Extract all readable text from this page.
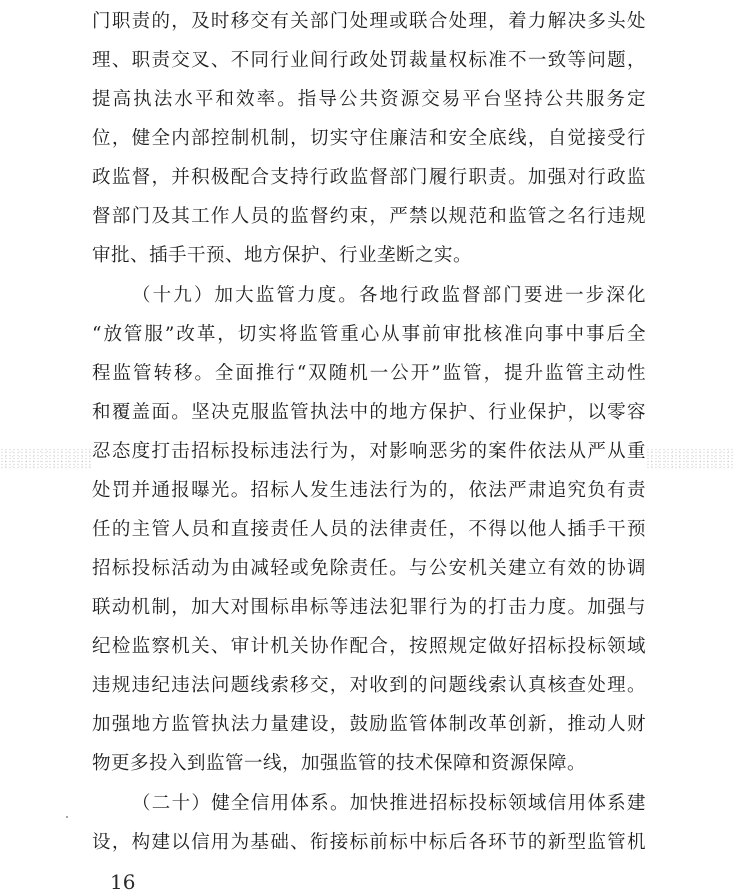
门职责的，及时移交有关部门处理或联合处理，着力解决多头处
理、职责交叉、不同行业间行政处罚裁量权标准不一致等问题，
提高执法水平和效率。指导公共资源交易平台坚持公共服务定
位，健全内部控制机制，切实守住廉洁和安全底线，自觉接受行
政监督，并积极配合支持行政监督部门履行职责。加强对行政监
督部门及其工作人员的监督约束，严禁以规范和监管之名行违规
审批、插手干预、地方保护、行业垄断之实。
（十九）加大监管力度。各地行政监督部门要进一步深化
“放管服”改革，切实将监管重心从事前审批核准向事中事后全
程监管转移。全面推行“双随机一公开”监管，提升监管主动性
和覆盖面。坚决克服监管执法中的地方保护、行业保护，以零容
忍态度打击招标投标违法行为，对影响恶劣的案件依法从严从重
处罚并通报曝光。招标人发生违法行为的，依法严肃追究负有责
任的主管人员和直接责任人员的法律责任，不得以他人插手干预
招标投标活动为由减轻或免除责任。与公安机关建立有效的协调
联动机制，加大对围标串标等违法犯罪行为的打击力度。加强与
纪检监察机关、审计机关协作配合，按照规定做好招标投标领域
违规违纪违法问题线索移交，对收到的问题线索认真核查处理。
加强地方监管执法力量建设，鼓励监管体制改革创新，推动人财
物更多投入到监管一线，加强监管的技术保障和资源保障。
（二十）健全信用体系。加快推进招标投标领域信用体系建
设，构建以信用为基础、衔接标前标中标后各环节的新型监管机
16
